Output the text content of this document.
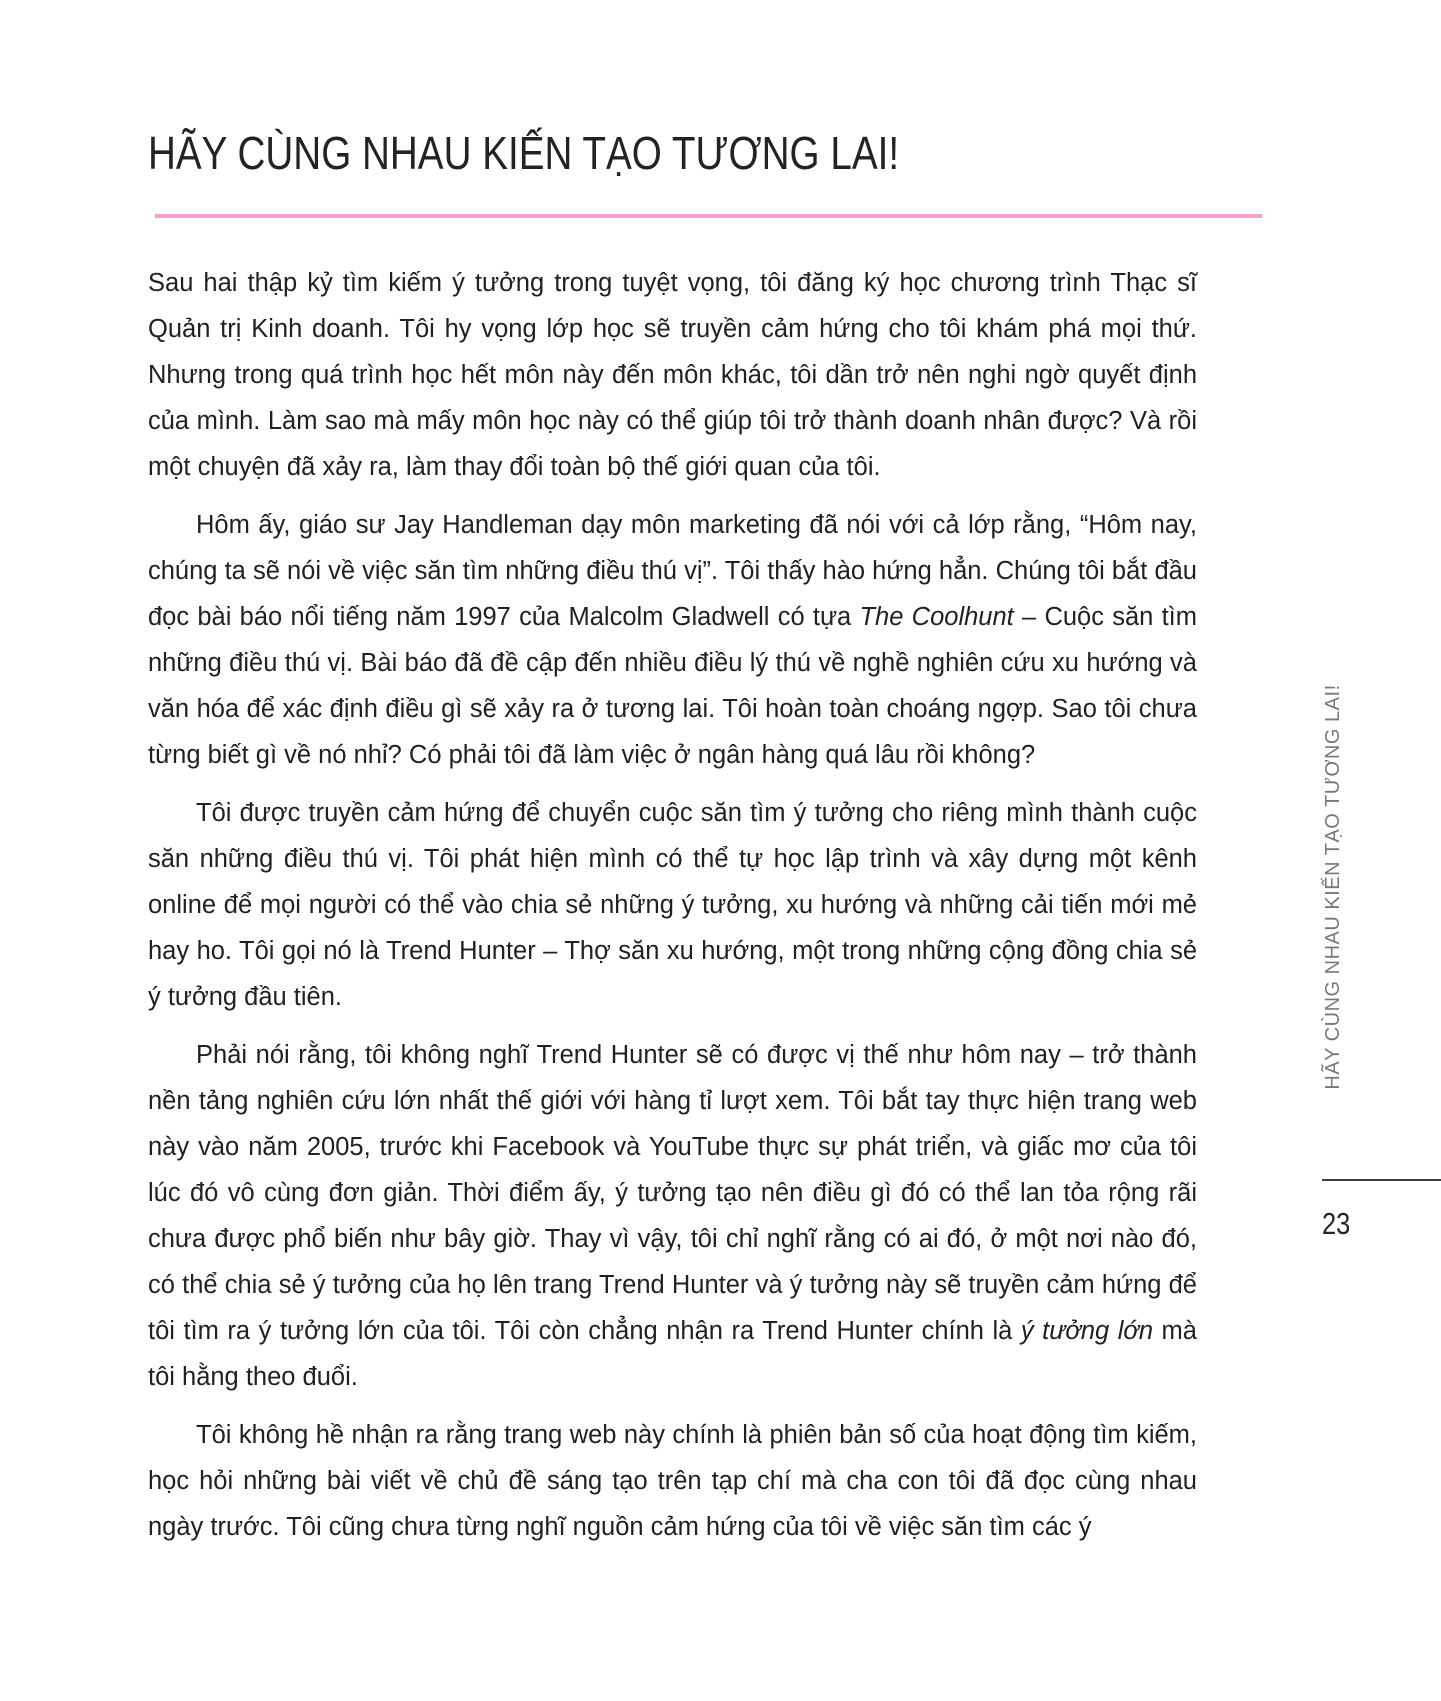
HÃY CÙNG NHAU KIẾN TẠO TƯƠNG LAI!

Sau hai thập kỷ tìm kiếm ý tưởng trong tuyệt vọng, tôi đăng ký học chương trình Thạc sĩ Quản trị Kinh doanh. Tôi hy vọng lớp học sẽ truyền cảm hứng cho tôi khám phá mọi thứ. Nhưng trong quá trình học hết môn này đến môn khác, tôi dần trở nên nghi ngờ quyết định của mình. Làm sao mà mấy môn học này có thể giúp tôi trở thành doanh nhân được? Và rồi một chuyện đã xảy ra, làm thay đổi toàn bộ thế giới quan của tôi.

Hôm ấy, giáo sư Jay Handleman dạy môn marketing đã nói với cả lớp rằng, “Hôm nay, chúng ta sẽ nói về việc săn tìm những điều thú vị”. Tôi thấy hào hứng hẳn. Chúng tôi bắt đầu đọc bài báo nổi tiếng năm 1997 của Malcolm Gladwell có tựa The Coolhunt – Cuộc săn tìm những điều thú vị. Bài báo đã đề cập đến nhiều điều lý thú về nghề nghiên cứu xu hướng và văn hóa để xác định điều gì sẽ xảy ra ở tương lai. Tôi hoàn toàn choáng ngợp. Sao tôi chưa từng biết gì về nó nhỉ? Có phải tôi đã làm việc ở ngân hàng quá lâu rồi không?

Tôi được truyền cảm hứng để chuyển cuộc săn tìm ý tưởng cho riêng mình thành cuộc săn những điều thú vị. Tôi phát hiện mình có thể tự học lập trình và xây dựng một kênh online để mọi người có thể vào chia sẻ những ý tưởng, xu hướng và những cải tiến mới mẻ hay ho. Tôi gọi nó là Trend Hunter – Thợ săn xu hướng, một trong những cộng đồng chia sẻ ý tưởng đầu tiên.

Phải nói rằng, tôi không nghĩ Trend Hunter sẽ có được vị thế như hôm nay – trở thành nền tảng nghiên cứu lớn nhất thế giới với hàng tỉ lượt xem. Tôi bắt tay thực hiện trang web này vào năm 2005, trước khi Facebook và YouTube thực sự phát triển, và giấc mơ của tôi lúc đó vô cùng đơn giản. Thời điểm ấy, ý tưởng tạo nên điều gì đó có thể lan tỏa rộng rãi chưa được phổ biến như bây giờ. Thay vì vậy, tôi chỉ nghĩ rằng có ai đó, ở một nơi nào đó, có thể chia sẻ ý tưởng của họ lên trang Trend Hunter và ý tưởng này sẽ truyền cảm hứng để tôi tìm ra ý tưởng lớn của tôi. Tôi còn chẳng nhận ra Trend Hunter chính là ý tưởng lớn mà tôi hằng theo đuổi.

Tôi không hề nhận ra rằng trang web này chính là phiên bản số của hoạt động tìm kiếm, học hỏi những bài viết về chủ đề sáng tạo trên tạp chí mà cha con tôi đã đọc cùng nhau ngày trước. Tôi cũng chưa từng nghĩ nguồn cảm hứng của tôi về việc săn tìm các ý

HÃY CÙNG NHAU KIẾN TẠO TƯƠNG LAI!
23
